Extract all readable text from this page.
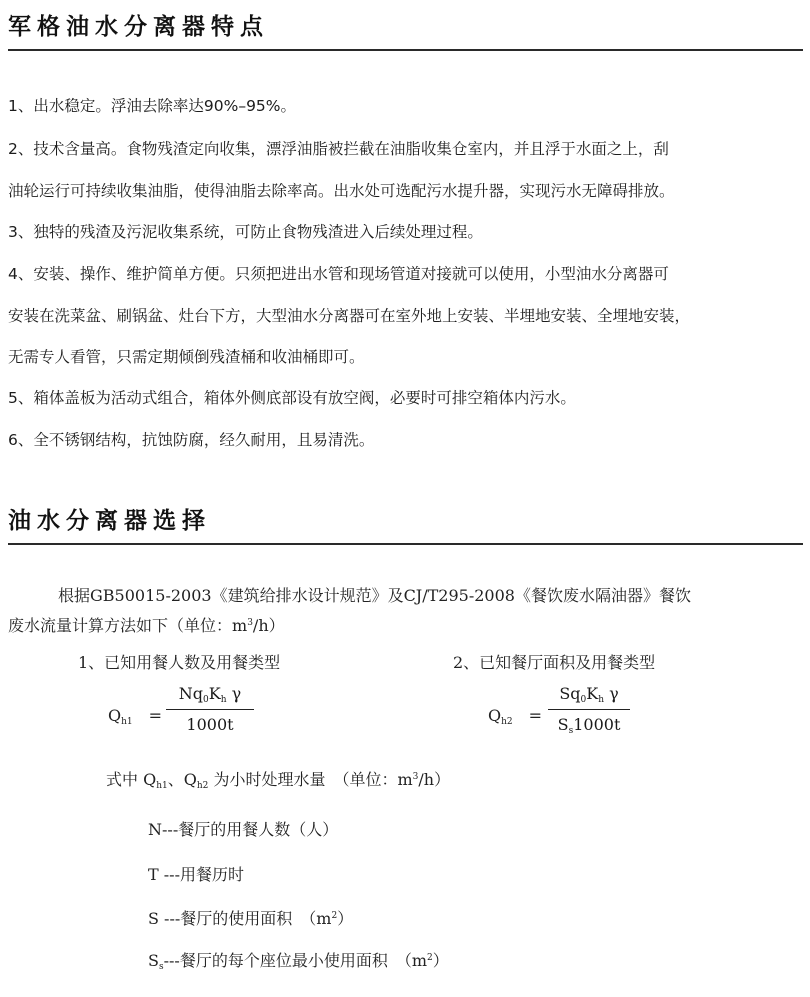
军格油水分离器特点
1、出水稳定。浮油去除率达90%–95%。
2、技术含量高。食物残渣定向收集，漂浮油脂被拦截在油脂收集仓室内，并且浮于水面之上，刮
油轮运行可持续收集油脂，使得油脂去除率高。出水处可选配污水提升器，实现污水无障碍排放。
3、独特的残渣及污泥收集系统，可防止食物残渣进入后续处理过程。
4、安装、操作、维护简单方便。只须把进出水管和现场管道对接就可以使用，小型油水分离器可
安装在洗菜盆、刷锅盆、灶台下方，大型油水分离器可在室外地上安装、半埋地安装、全埋地安装，
无需专人看管，只需定期倾倒残渣桶和收油桶即可。
5、箱体盖板为活动式组合，箱体外侧底部设有放空阀，必要时可排空箱体内污水。
6、全不锈钢结构，抗蚀防腐，经久耐用，且易清洗。
油水分离器选择
根据GB50015-2003《建筑给排水设计规范》及CJ/T295-2008《餐饮废水隔油器》餐饮
废水流量计算方法如下（单位：$m^3/h$）
1、已知用餐人数及用餐类型
$Q_{h1}$　 =
$Nq_0K_h$ γ
1000t
2、已知餐厅面积及用餐类型
$Q_{h2}$　 =
$Sq_0K_h$ γ
$S_s1000t$
式中 $Q_{h1}$、$Q_{h2}$ 为小时处理水量　（单位：$m^3/h$）
N---餐厅的用餐人数（人）
T ---用餐历时
S ---餐厅的使用面积　$(m^2)$
$S_s---$餐厅的每个座位最小使用面积　$(m^2)$
